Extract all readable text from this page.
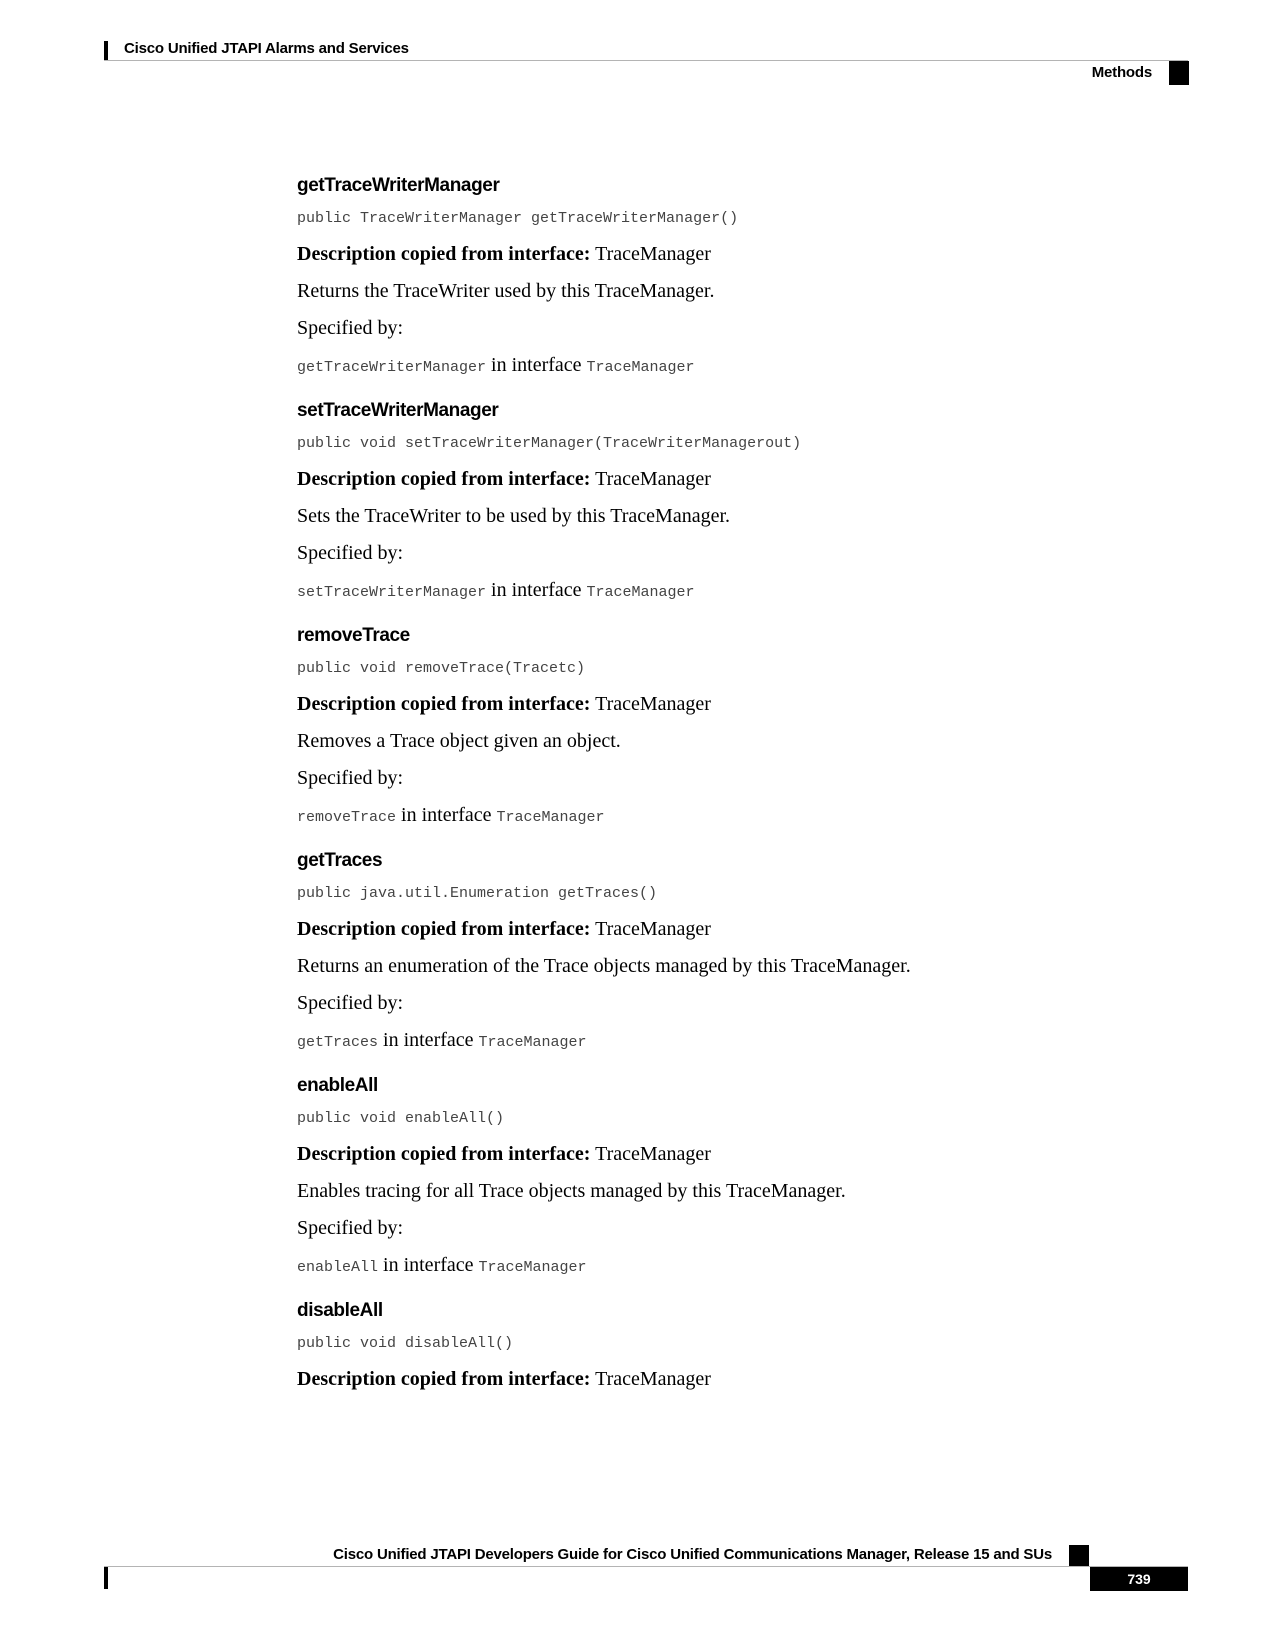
Cisco Unified JTAPI Alarms and Services
Methods
getTraceWriterManager
public TraceWriterManager getTraceWriterManager()
Description copied from interface: TraceManager
Returns the TraceWriter used by this TraceManager.
Specified by:
getTraceWriterManager in interface TraceManager
setTraceWriterManager
public void setTraceWriterManager(TraceWriterManagerout)
Description copied from interface: TraceManager
Sets the TraceWriter to be used by this TraceManager.
Specified by:
setTraceWriterManager in interface TraceManager
removeTrace
public void removeTrace(Tracetc)
Description copied from interface: TraceManager
Removes a Trace object given an object.
Specified by:
removeTrace in interface TraceManager
getTraces
public java.util.Enumeration getTraces()
Description copied from interface: TraceManager
Returns an enumeration of the Trace objects managed by this TraceManager.
Specified by:
getTraces in interface TraceManager
enableAll
public void enableAll()
Description copied from interface: TraceManager
Enables tracing for all Trace objects managed by this TraceManager.
Specified by:
enableAll in interface TraceManager
disableAll
public void disableAll()
Description copied from interface: TraceManager
Cisco Unified JTAPI Developers Guide for Cisco Unified Communications Manager, Release 15 and SUs
739
